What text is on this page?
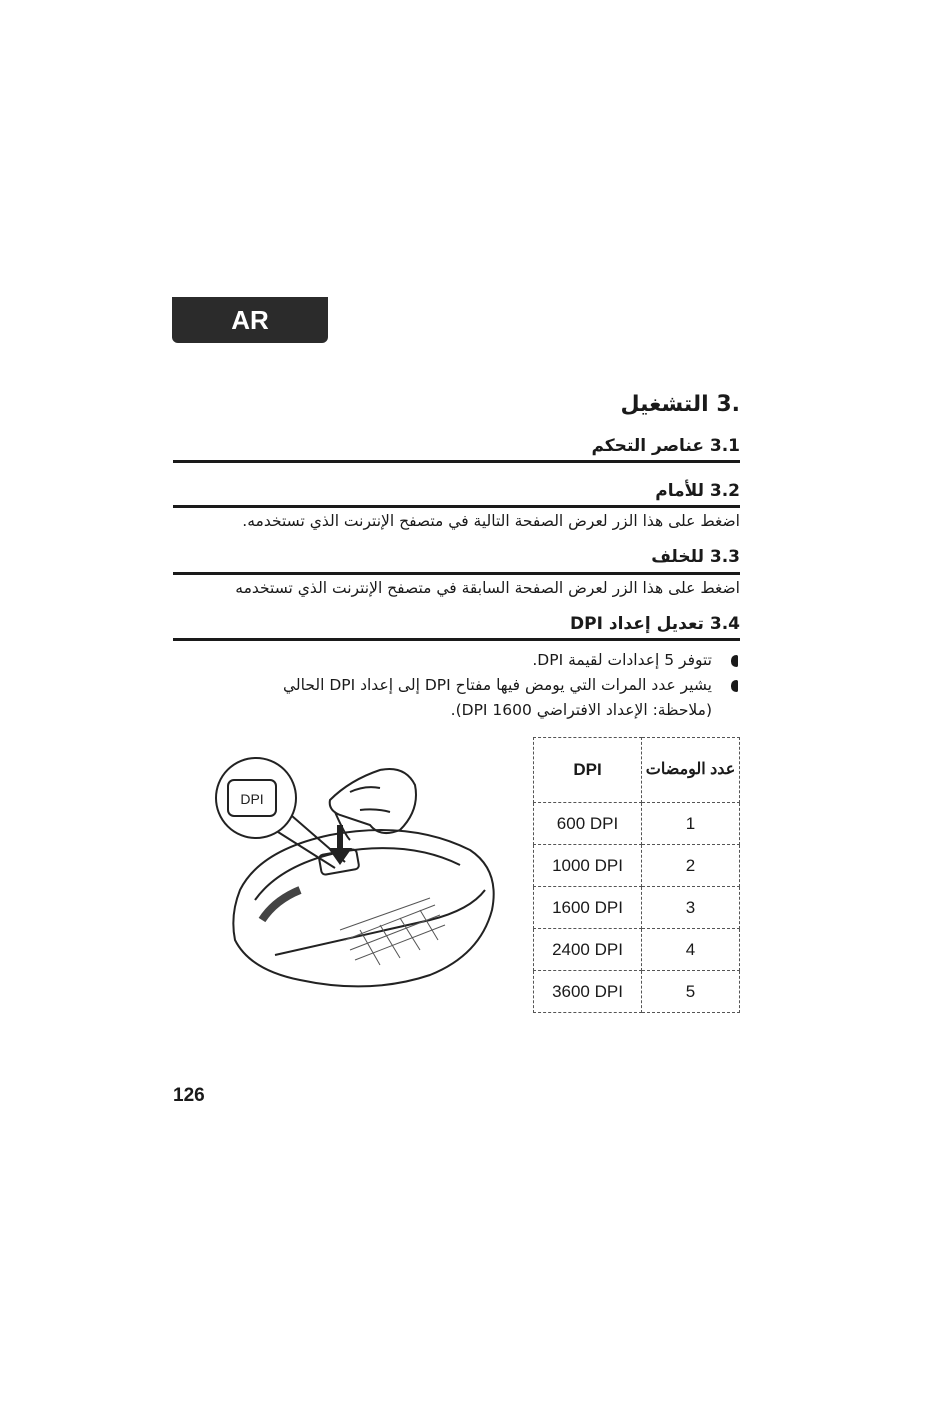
AR
.3 التشغيل
3.1 عناصر التحكم
3.2 للأمام
اضغط على هذا الزر لعرض الصفحة التالية في متصفح الإنترنت الذي تستخدمه.
3.3 للخلف
اضغط على هذا الزر لعرض الصفحة السابقة في متصفح الإنترنت الذي تستخدمه
3.4 تعديل إعداد DPI
تتوفر 5 إعدادات لقيمة DPI.
يشير عدد المرات التي يومض فيها مفتاح DPI إلى إعداد DPI الحالي
(ملاحظة: الإعداد الافتراضي DPI 1600).
DPI
DPI	عدد الومضات
600 DPI	1
1000 DPI	2
1600 DPI	3
2400 DPI	4
3600 DPI	5
126
